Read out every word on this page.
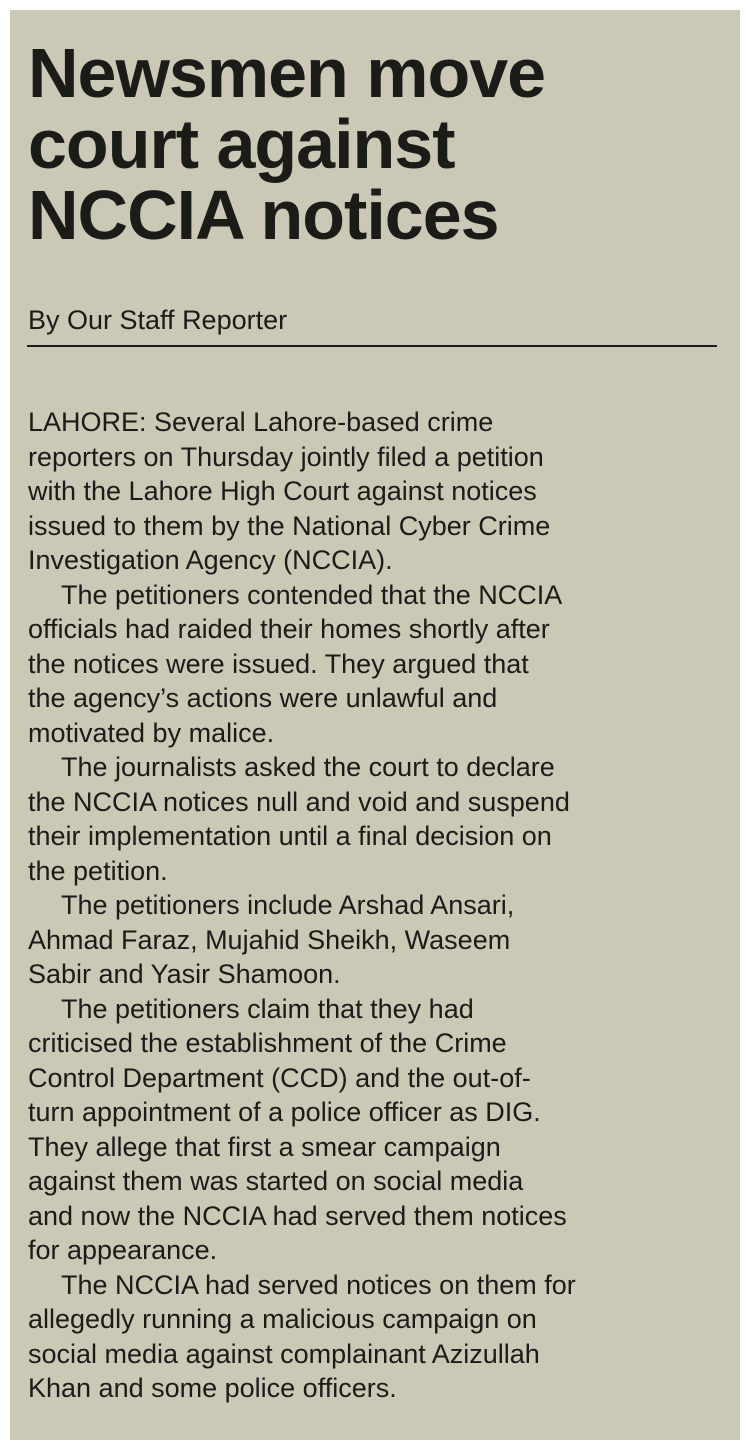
Newsmen move
court against
NCCIA notices

By Our Staff Reporter

LAHORE: Several Lahore-based crime
reporters on Thursday jointly filed a petition
with the Lahore High Court against notices
issued to them by the National Cyber Crime
Investigation Agency (NCCIA).

The petitioners contended that the NCCIA
officials had raided their homes shortly after
the notices were issued. They argued that
the agency’s actions were unlawful and
motivated by malice.

The journalists asked the court to declare
the NCCIA notices null and void and suspend
their implementation until a final decision on
the petition.

The petitioners include Arshad Ansari,
Ahmad Faraz, Mujahid Sheikh, Waseem
Sabir and Yasir Shamoon.

The petitioners claim that they had
criticised the establishment of the Crime
Control Department (CCD) and the out-of-
turn appointment of a police officer as DIG.
They allege that first a smear campaign
against them was started on social media
and now the NCCIA had served them notices
for appearance.

The NCCIA had served notices on them for
allegedly running a malicious campaign on
social media against complainant Azizullah
Khan and some police officers.
